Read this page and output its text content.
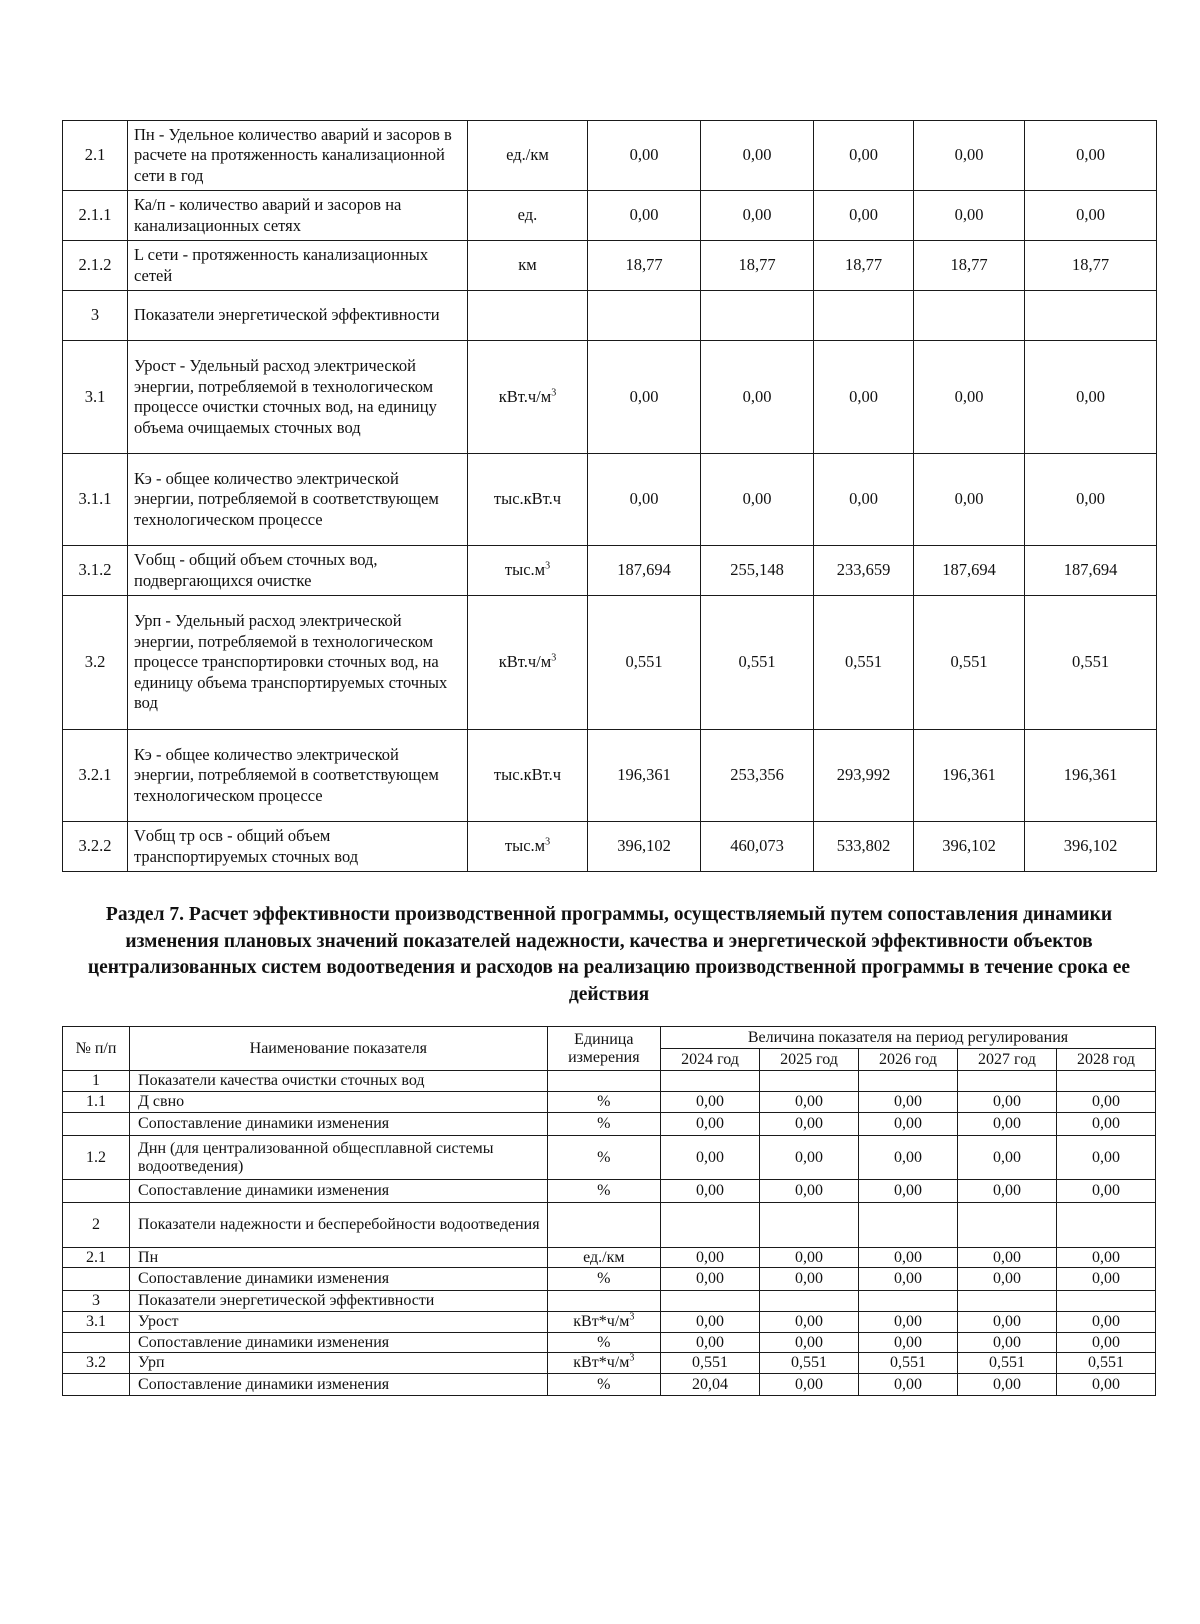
2.1	Пн - Удельное количество аварий и засоров в расчете на протяженность канализационной сети в год	ед./км	0,00	0,00	0,00	0,00	0,00
2.1.1	Ка/п - количество аварий и засоров на канализационных сетях	ед.	0,00	0,00	0,00	0,00	0,00
2.1.2	L сети - протяженность канализационных сетей	км	18,77	18,77	18,77	18,77	18,77
3	Показатели энергетической эффективности						
3.1	Урост - Удельный расход электрической энергии, потребляемой в технологическом процессе очистки сточных вод, на единицу объема очищаемых сточных вод	$кВт.ч/м^3$	0,00	0,00	0,00	0,00	0,00
3.1.1	Кэ - общее количество электрической энергии, потребляемой в соответствующем технологическом процессе	тыс.кВт.ч	0,00	0,00	0,00	0,00	0,00
3.1.2	Vобщ - общий объем сточных вод, подвергающихся очистке	$тыс.м^3$	187,694	255,148	233,659	187,694	187,694
3.2	Урп - Удельный расход электрической энергии, потребляемой в технологическом процессе транспортировки сточных вод, на единицу объема транспортируемых сточных вод	$кВт.ч/м^3$	0,551	0,551	0,551	0,551	0,551
3.2.1	Кэ - общее количество электрической энергии, потребляемой в соответствующем технологическом процессе	тыс.кВт.ч	196,361	253,356	293,992	196,361	196,361
3.2.2	Vобщ тр осв - общий объем транспортируемых сточных вод	$тыс.м^3$	396,102	460,073	533,802	396,102	396,102
Раздел 7. Расчет эффективности производственной программы, осуществляемый путем сопоставления динамики изменения плановых значений показателей надежности, качества и энергетической эффективности объектов централизованных систем водоотведения и расходов на реализацию производственной программы в течение срока ее действия
№ п/п	Наименование показателя	Единица измерения	Величина показателя на период регулирования				
			2024 год	2025 год	2026 год	2027 год	2028 год
1	Показатели качества очистки сточных вод						
1.1	Д свно	%	0,00	0,00	0,00	0,00	0,00
	Сопоставление динамики изменения	%	0,00	0,00	0,00	0,00	0,00
1.2	Днн (для централизованной общесплавной системы водоотведения)	%	0,00	0,00	0,00	0,00	0,00
	Сопоставление динамики изменения	%	0,00	0,00	0,00	0,00	0,00
2	Показатели надежности и бесперебойности водоотведения						
2.1	Пн	ед./км	0,00	0,00	0,00	0,00	0,00
	Сопоставление динамики изменения	%	0,00	0,00	0,00	0,00	0,00
3	Показатели энергетической эффективности						
3.1	Урост	$кВт*ч/м^3$	0,00	0,00	0,00	0,00	0,00
	Сопоставление динамики изменения	%	0,00	0,00	0,00	0,00	0,00
3.2	Урп	$кВт*ч/м^3$	0,551	0,551	0,551	0,551	0,551
	Сопоставление динамики изменения	%	20,04	0,00	0,00	0,00	0,00
